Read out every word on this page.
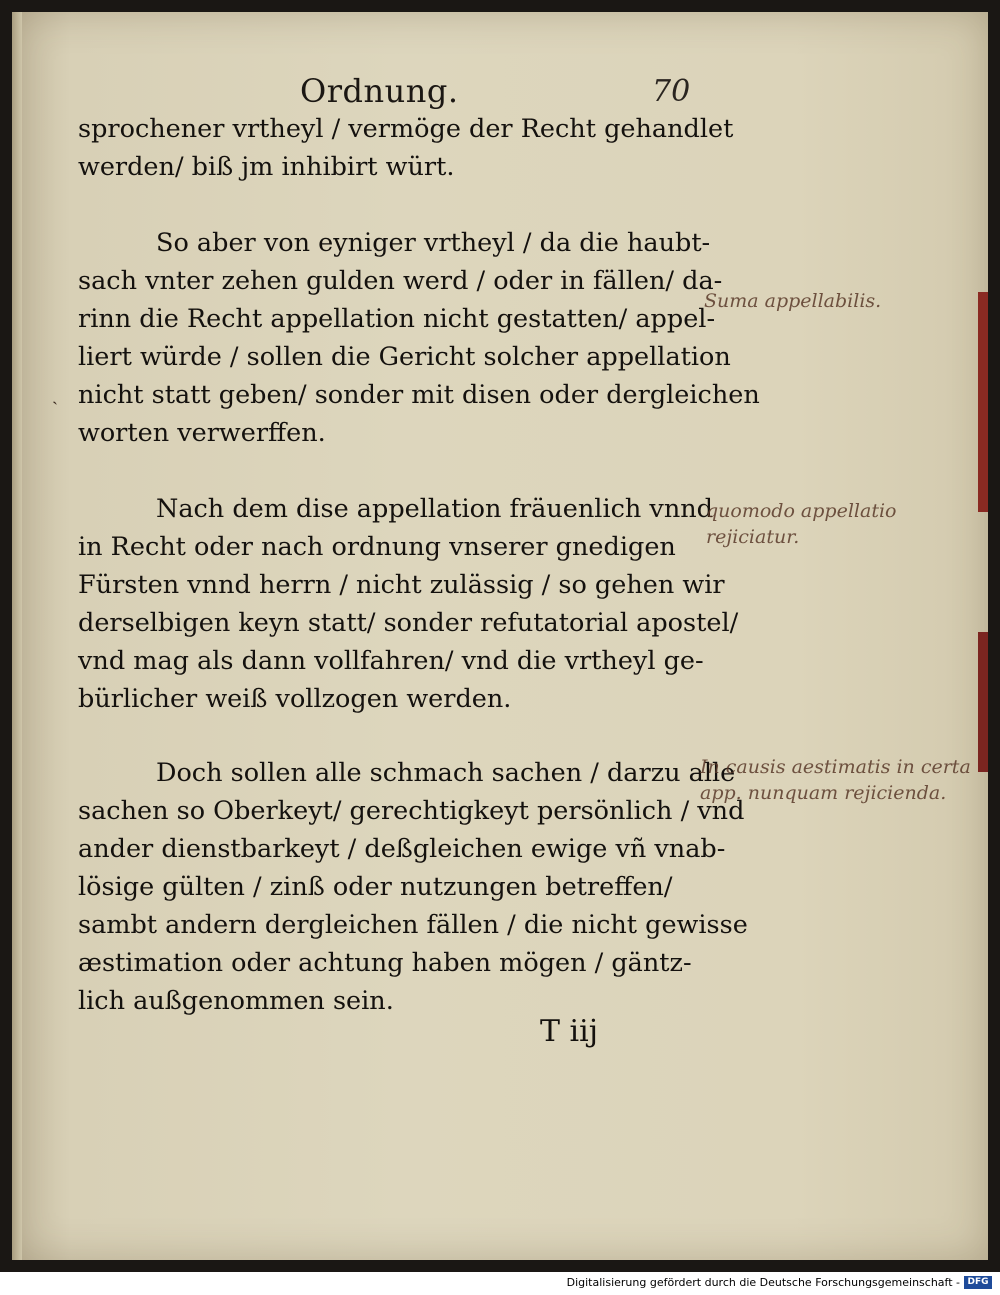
Ordnung.	70
sprochener vrtheyl / vermöge der Recht gehandlet
werden/ biß jm inhibirt würt.
So aber von eyniger vrtheyl / da die haubt-
sach vnter zehen gulden werd / oder in fällen/ da-
rinn die Recht appellation nicht gestatten/ appel-
liert würde / sollen die Gericht solcher appellation
nicht statt geben/ sonder mit disen oder dergleichen
worten verwerffen.
Nach dem dise appellation fräuenlich vnnd
in Recht oder nach ordnung vnserer gnedigen
Fürsten vnnd herrn / nicht zulässig / so gehen wir
derselbigen keyn statt/ sonder refutatorial apostel/
vnd mag als dann vollfahren/ vnd die vrtheyl ge-
bürlicher weiß vollzogen werden.
Doch sollen alle schmach sachen / darzu alle
sachen so Oberkeyt/ gerechtigkeyt persönlich / vnd
ander dienstbarkeyt / deßgleichen ewige vñ vnab-
lösige gülten / zinß oder nutzungen betreffen/
sambt andern dergleichen fällen / die nicht gewisse
æstimation oder achtung haben mögen / gäntz-
lich außgenommen sein.
T iij
Suma appellabilis.
quomodo appellatio rejiciatur.
In causis aestimatis in certa app. nunquam rejicienda.
˴
Digitalisierung gefördert durch die Deutsche Forschungsgemeinschaft - DFG
